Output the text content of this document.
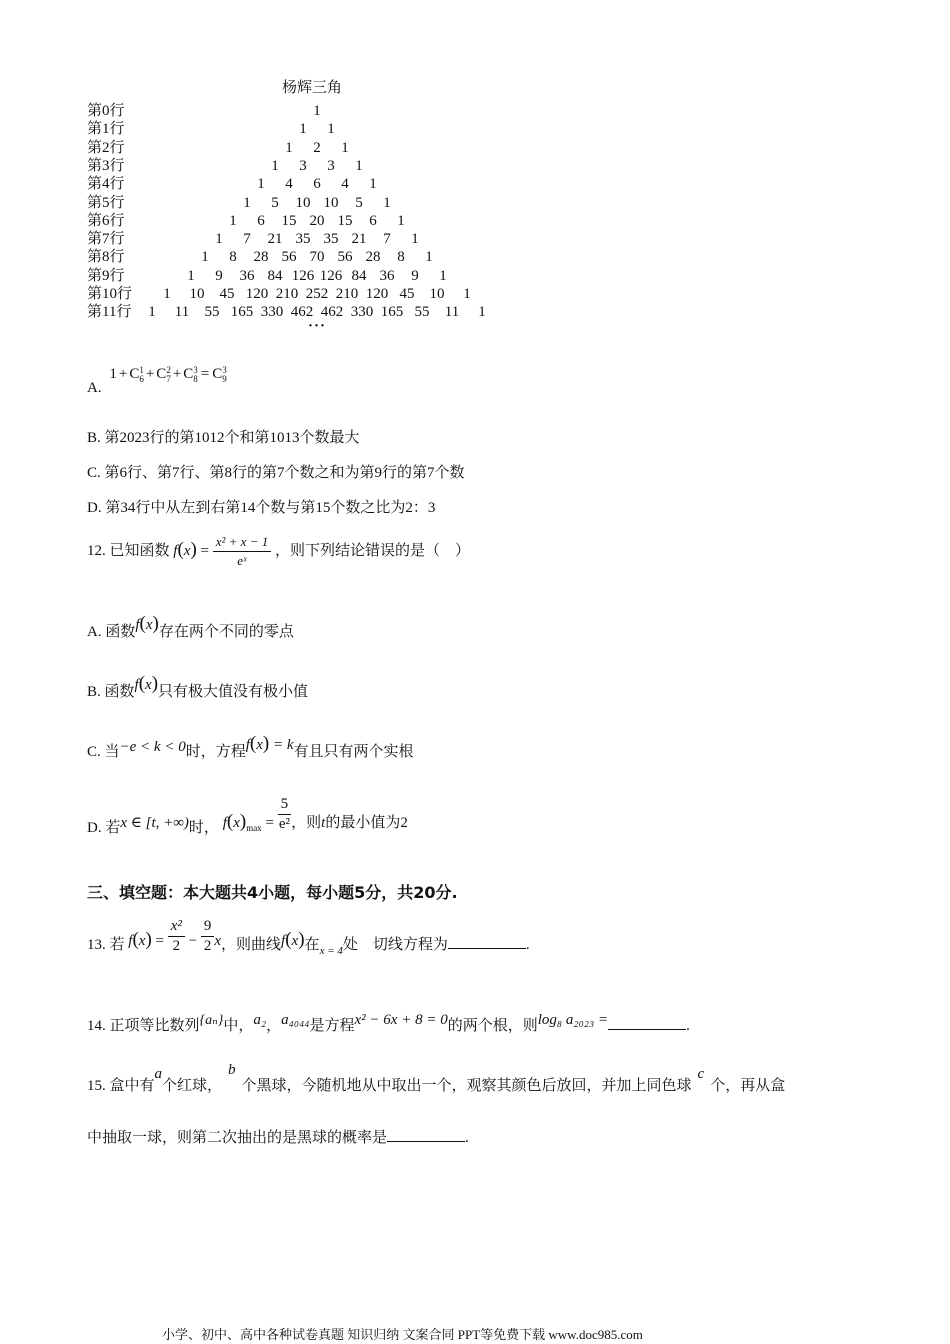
杨辉三角
第0行	1
第1行	1	1
第2行	1	2	1
第3行	1	3	3	1
第4行	1	4	6	4	1
第5行	1	5	10 10	5	1
第6行	1	6	15 20 15	6	1
第7行	1	7	21 35 35 21	7	1
第8行	1	8	28 56 70 56 28	8	1
第9行	1	9	36 84 126 126 84 36	9	1
第10行	1	10	45 120 210 252 210 120 45	10	1
第11行	1	11	55 165 330 462 462 330 165 55	11	1
···
A. 1 + C 1
6 + C 2
7 + C 3
8 = C 3
9
B. 第2023行的第1012个和第1013个数最大
C. 第6行、第7行、第8行的第7个数之和为第9行的第7个数
D. 第34行中从左到右第14个数与第15个数之比为2：3
12. 已知函数 $f(x) = \frac{\text{x² + x − 1}}{\text{eˣ}}$ ，则下列结论错误的是（　）
A. 函数f(x)存在两个不同的零点
B. 函数f(x)只有极大值没有极小值
C. 当−e < k < 0时，方程f(x) = k有且只有两个实根
D. 若x ∈ [t, +∞)时， $f(x)_{max} = \frac{5}{\text{e²}}$ ，则t的最小值为2
三、填空题：本大题共4小题，每小题5分，共20分.
13. 若 $f(x) = \frac{\text{x²}}{2} - \frac{9}{2}$ x，则曲线f(x)在$_{x = 4}$处　切线方程为	.
14. 正项等比数列{aₙ}中，a₂，a₄₀₄₄是方程x² − 6x + 8 = 0的两个根，则log₈ a₂₀₂₃ =	.
15. 盒中有a个红球，b个黑球，今随机地从中取出一个，观察其颜色后放回，并加上同色球c个，再从盒
中抽取一球，则第二次抽出的是黑球的概率是	.
小学、初中、高中各种试卷真题 知识归纳 文案合同 PPT等免费下载 www.doc985.com
